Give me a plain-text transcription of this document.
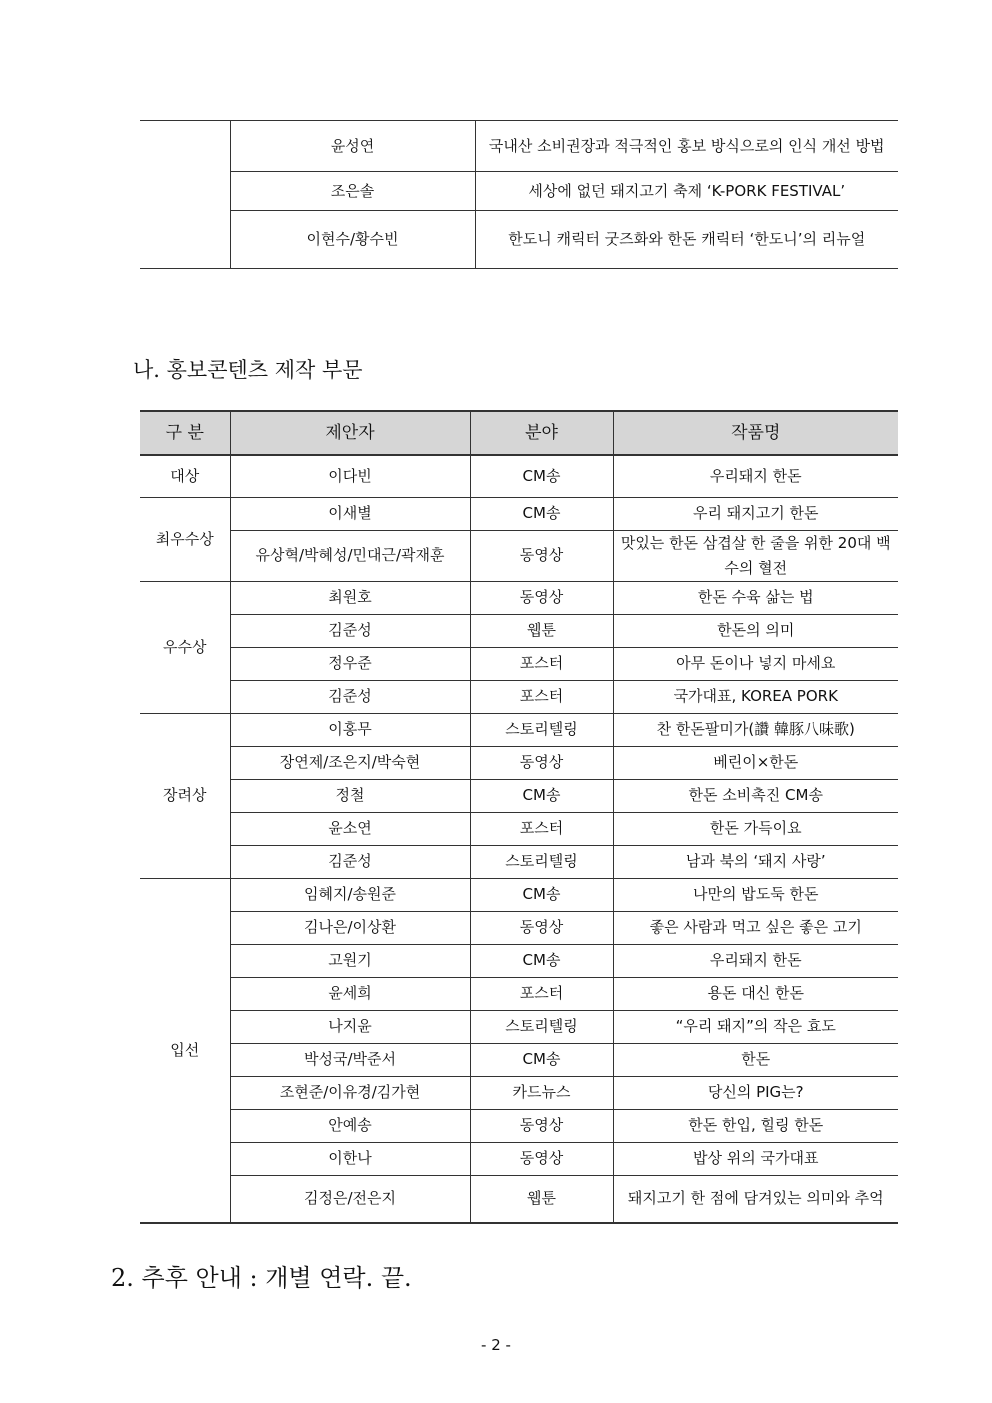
	윤성연	국내산 소비권장과 적극적인 홍보 방식으로의 인식 개선 방법
	조은솔	세상에 없던 돼지고기 축제 ‘K-PORK FESTIVAL’
	이현수/황수빈	한도니 캐릭터 굿즈화와 한돈 캐릭터 ‘한도니’의 리뉴얼
나. 홍보콘텐츠 제작 부문
구 분	제안자	분야	작품명
대상	이다빈	CM송	우리돼지 한돈
최우수상	이새별	CM송	우리 돼지고기 한돈
	유상혁/박혜성/민대근/곽재훈	동영상	맛있는 한돈 삼겹살 한 줄을 위한 20대 백수의 혈전
우수상	최원호	동영상	한돈 수육 삶는 법
	김준성	웹툰	한돈의 의미
	정우준	포스터	아무 돈이나 넣지 마세요
	김준성	포스터	국가대표, KOREA PORK
장려상	이홍무	스토리텔링	찬 한돈팔미가(讚 韓豚八味歌)
	장연제/조은지/박숙현	동영상	베린이×한돈
	정철	CM송	한돈 소비촉진 CM송
	윤소연	포스터	한돈 가득이요
	김준성	스토리텔링	남과 북의 ‘돼지 사랑’
입선	임혜지/송원준	CM송	나만의 밥도둑 한돈
	김나은/이상환	동영상	좋은 사람과 먹고 싶은 좋은 고기
	고원기	CM송	우리돼지 한돈
	윤세희	포스터	용돈 대신 한돈
	나지윤	스토리텔링	“우리 돼지”의 작은 효도
	박성국/박준서	CM송	한돈
	조현준/이유경/김가현	카드뉴스	당신의 PIG는?
	안예송	동영상	한돈 한입, 힐링 한돈
	이한나	동영상	밥상 위의 국가대표
	김정은/전은지	웹툰	돼지고기 한 점에 담겨있는 의미와 추억
2. 추후 안내 : 개별 연락. 끝.
- 2 -
